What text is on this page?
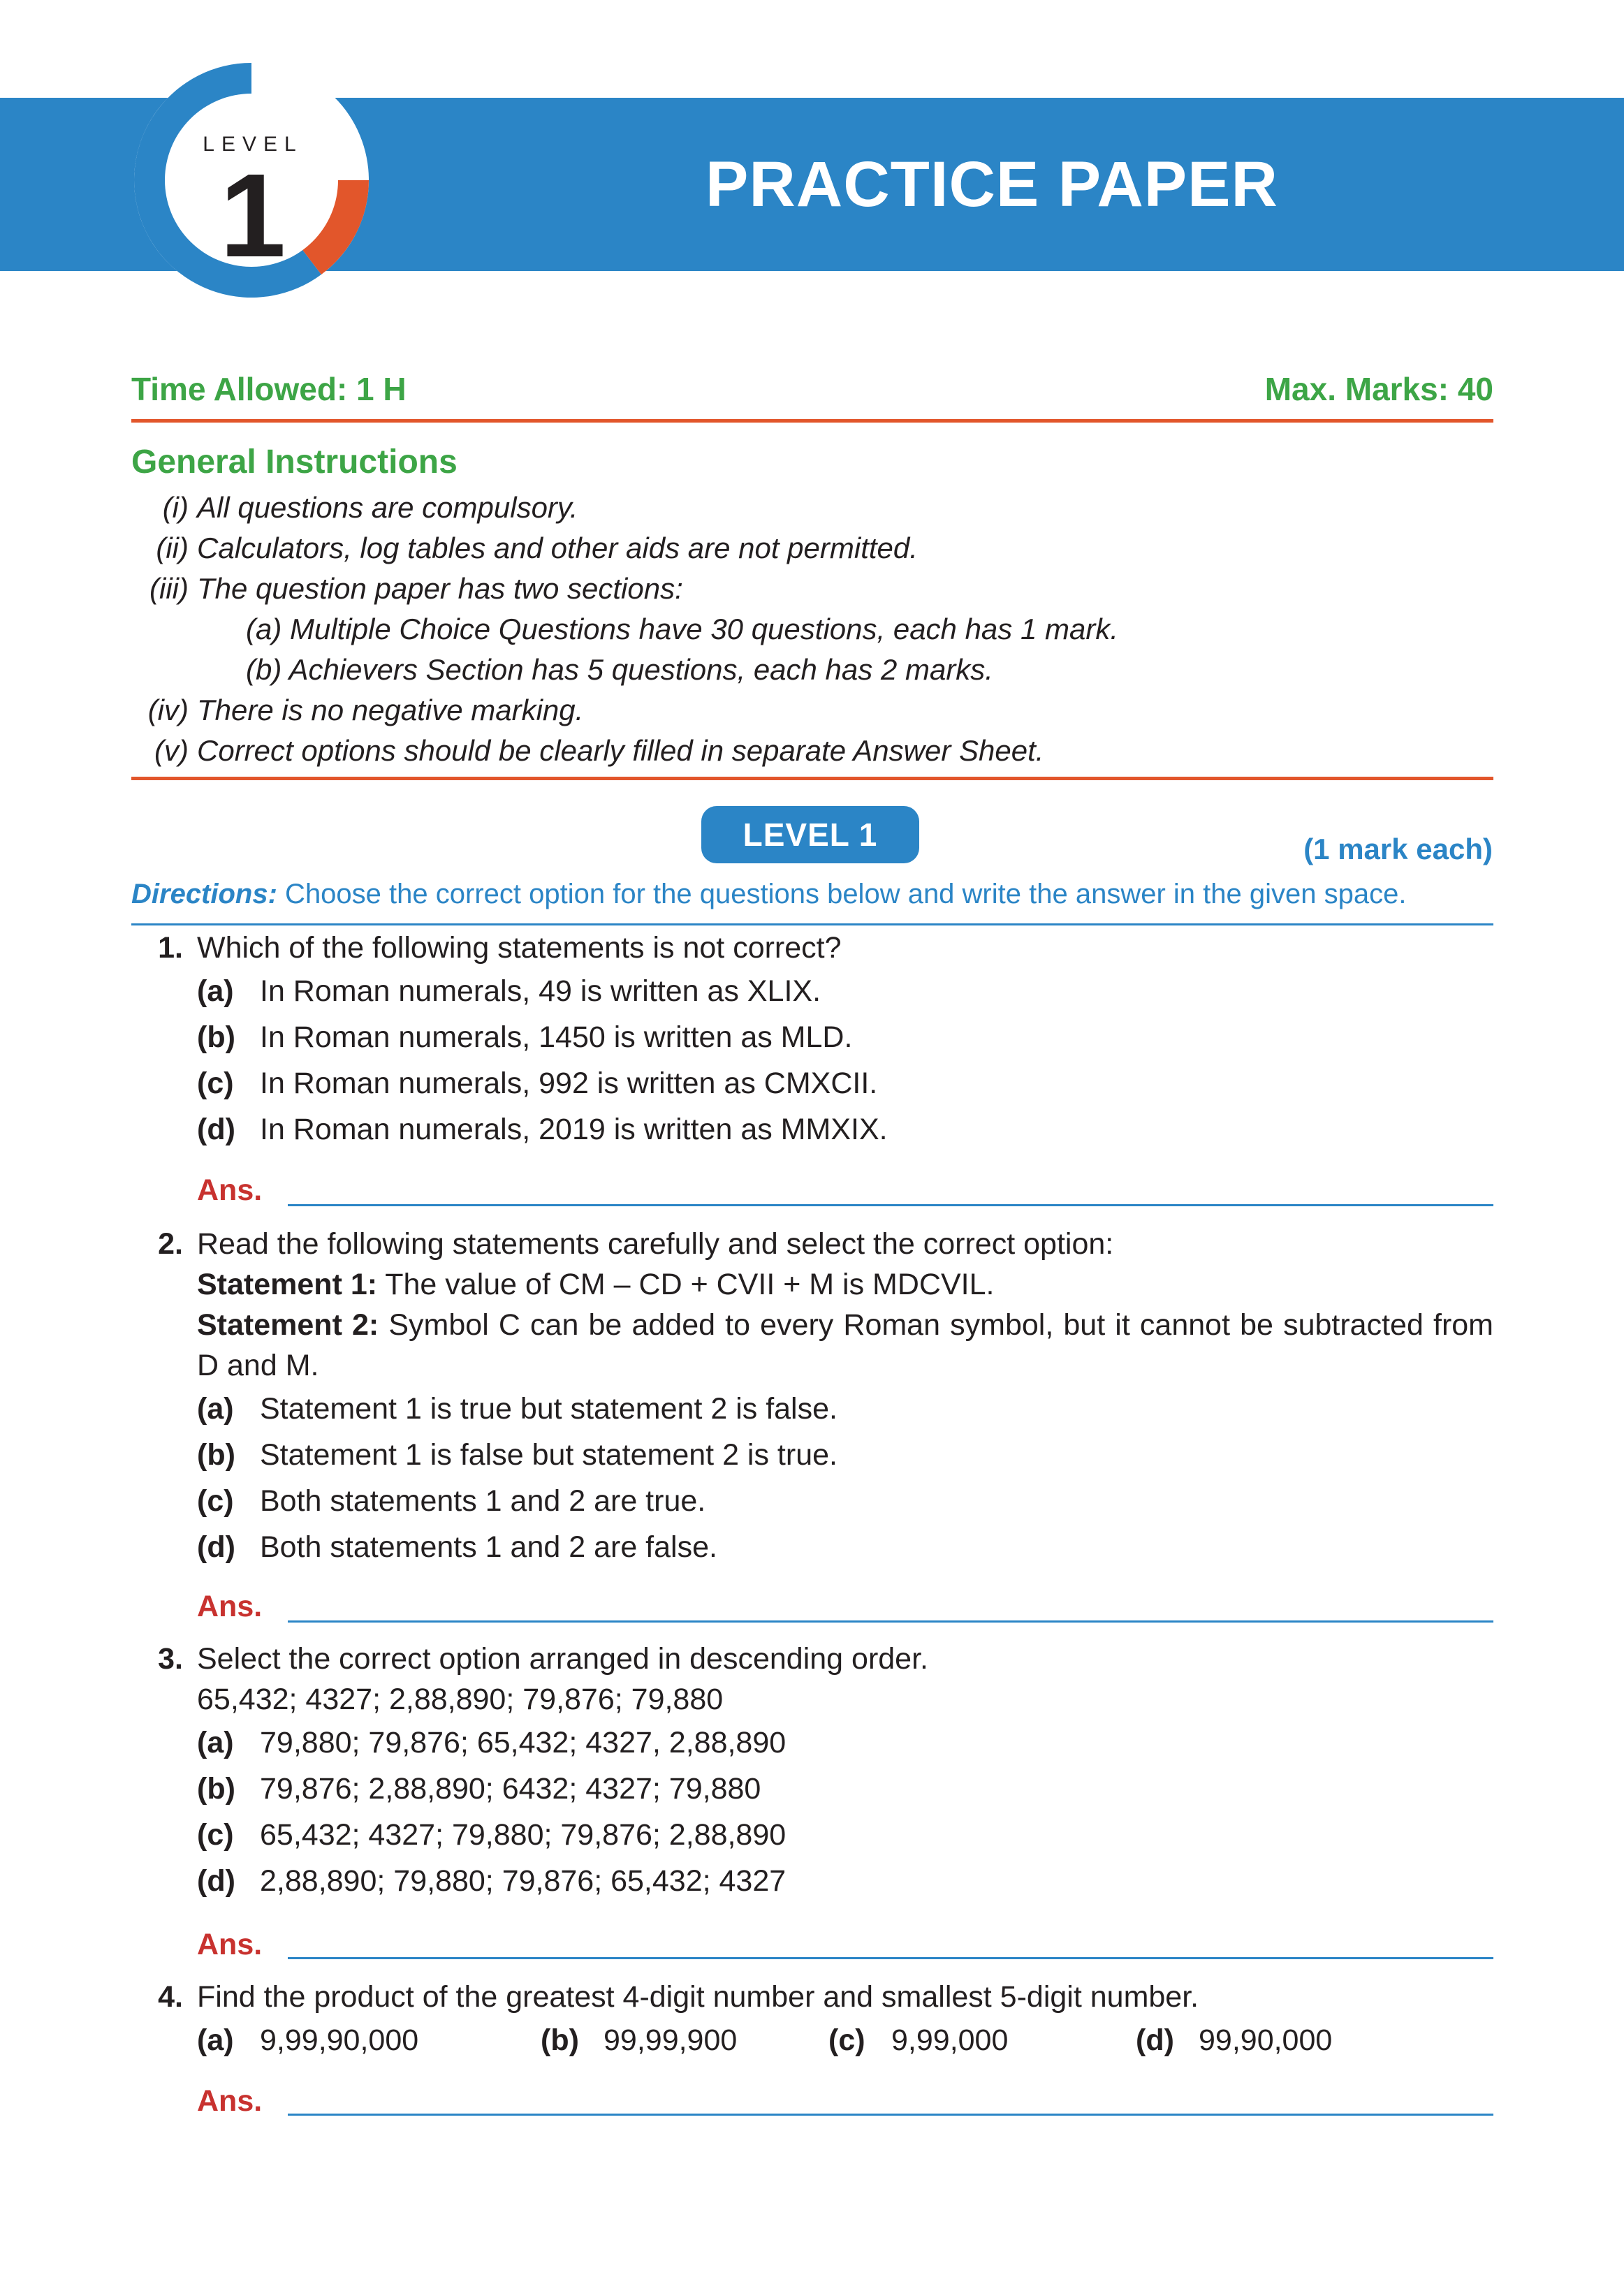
LEVEL
1	PRACTICE PAPER
Time Allowed: 1 H	Max. Marks: 40
General Instructions
(i) All questions are compulsory.
(ii) Calculators, log tables and other aids are not permitted.
(iii) The question paper has two sections:
(a) Multiple Choice Questions have 30 questions, each has 1 mark.
(b) Achievers Section has 5 questions, each has 2 marks.
(iv) There is no negative marking.
(v) Correct options should be clearly filled in separate Answer Sheet.
LEVEL 1	(1 mark each)
Directions: Choose the correct option for the questions below and write the answer in the given space.
1. Which of the following statements is not correct?
(a) In Roman numerals, 49 is written as XLIX.
(b) In Roman numerals, 1450 is written as MLD.
(c) In Roman numerals, 992 is written as CMXCII.
(d) In Roman numerals, 2019 is written as MMXIX.
Ans.
2. Read the following statements carefully and select the correct option:
Statement 1: The value of CM – CD + CVII + M is MDCVIL.
Statement 2: Symbol C can be added to every Roman symbol, but it cannot be subtracted from D and M.
(a) Statement 1 is true but statement 2 is false.
(b) Statement 1 is false but statement 2 is true.
(c) Both statements 1 and 2 are true.
(d) Both statements 1 and 2 are false.
Ans.
3. Select the correct option arranged in descending order.
65,432; 4327; 2,88,890; 79,876; 79,880
(a) 79,880; 79,876; 65,432; 4327, 2,88,890
(b) 79,876; 2,88,890; 6432; 4327; 79,880
(c) 65,432; 4327; 79,880; 79,876; 2,88,890
(d) 2,88,890; 79,880; 79,876; 65,432; 4327
Ans.
4. Find the product of the greatest 4-digit number and smallest 5-digit number.
(a) 9,99,90,000	(b) 99,99,900	(c) 9,99,000	(d) 99,90,000
Ans.
